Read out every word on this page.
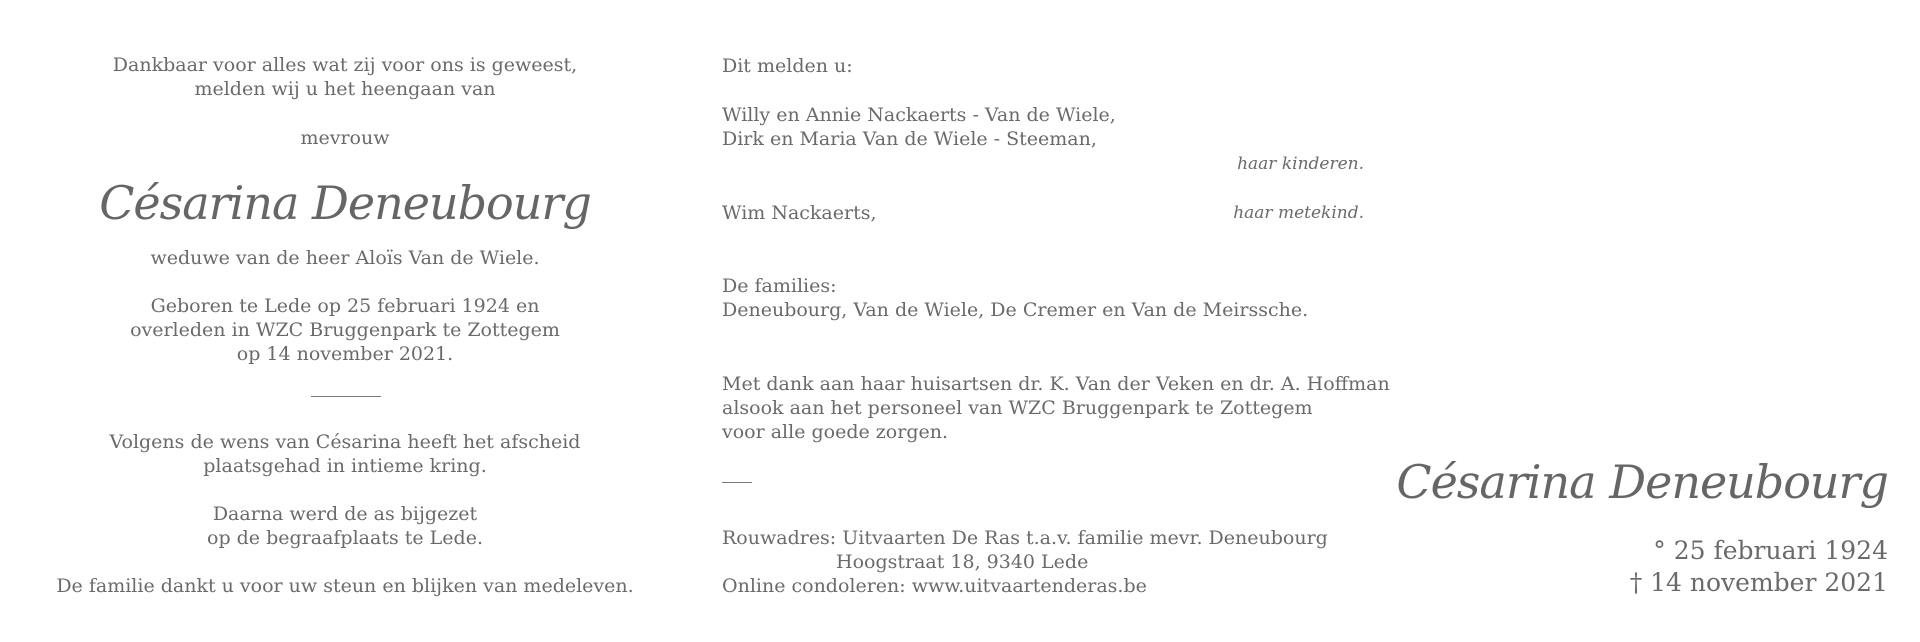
Dankbaar voor alles wat zij voor ons is geweest,
melden wij u het heengaan van
mevrouw
Césarina Deneubourg
weduwe van de heer Aloïs Van de Wiele.
Geboren te Lede op 25 februari 1924 en
overleden in WZC Bruggenpark te Zottegem
op 14 november 2021.
Volgens de wens van Césarina heeft het afscheid
plaatsgehad in intieme kring.
Daarna werd de as bijgezet
op de begraafplaats te Lede.
De familie dankt u voor uw steun en blijken van medeleven.
Dit melden u:
Willy en Annie Nackaerts - Van de Wiele,
Dirk en Maria Van de Wiele - Steeman,
haar kinderen.
Wim Nackaerts,	haar metekind.
De families:
Deneubourg, Van de Wiele, De Cremer en Van de Meirssche.
Met dank aan haar huisartsen dr. K. Van der Veken en dr. A. Hoffman
alsook aan het personeel van WZC Bruggenpark te Zottegem
voor alle goede zorgen.
Rouwadres: Uitvaarten De Ras t.a.v. familie mevr. Deneubourg
Hoogstraat 18, 9340 Lede
Online condoleren: www.uitvaartenderas.be
Césarina Deneubourg
° 25 februari 1924
† 14 november 2021
